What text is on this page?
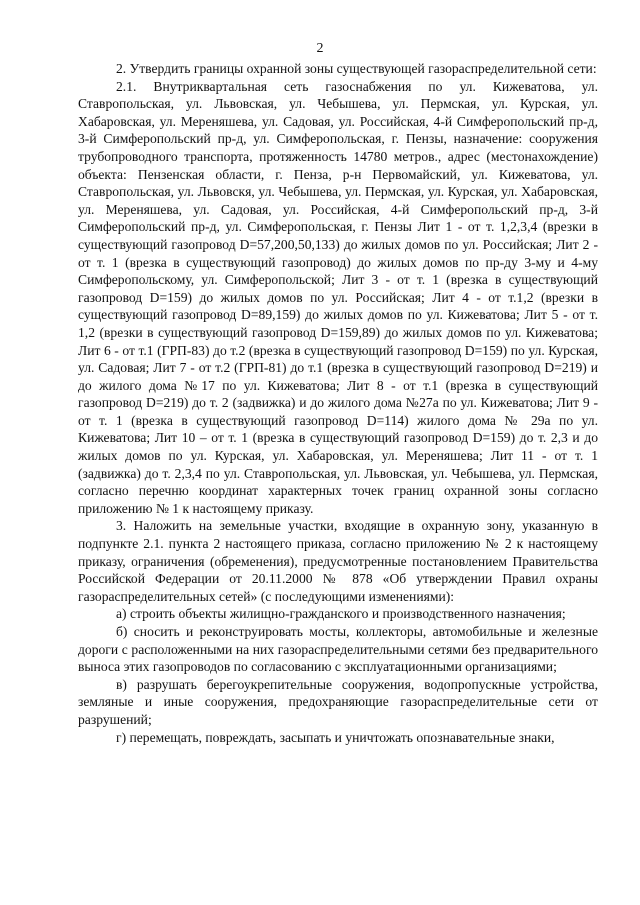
2

2. Утвердить границы охранной зоны существующей газораспределительной сети:

2.1. Внутриквартальная сеть газоснабжения по ул. Кижеватова, ул. Ставропольская, ул. Львовская, ул. Чебышева, ул. Пермская, ул. Курская, ул. Хабаровская, ул. Мереняшева, ул. Садовая, ул. Российская, 4-й Симферопольский пр-д, 3-й Симферопольский пр-д, ул. Симферопольская, г. Пензы, назначение: сооружения трубопроводного транспорта, протяженность 14780 метров., адрес (местонахождение) объекта: Пензенская области, г. Пенза, р-н Первомайский, ул. Кижеватова, ул. Ставропольская, ул. Львовскя, ул. Чебышева, ул. Пермская, ул. Курская, ул. Хабаровская, ул. Мереняшева, ул. Садовая, ул. Российская, 4-й Симферопольский пр-д, 3-й Симферопольский пр-д, ул. Симферопольская, г. Пензы Лит 1 - от т. 1,2,3,4 (врезки в существующий газопровод D=57,200,50,133) до жилых домов по ул. Российская; Лит 2 - от т. 1 (врезка в существующий газопровод) до жилых домов по пр-ду 3-му и 4-му Симферопольскому, ул. Симферопольской; Лит 3 - от т. 1 (врезка в существующий газопровод D=159) до жилых домов по ул. Российская; Лит 4 - от т.1,2 (врезки в существующий газопровод D=89,159) до жилых домов по ул. Кижеватова; Лит 5 - от т. 1,2 (врезки в существующий газопровод D=159,89) до жилых домов по ул. Кижеватова; Лит 6 - от т.1 (ГРП-83) до т.2 (врезка в существующий газопровод D=159) по ул. Курская, ул. Садовая; Лит 7 - от т.2 (ГРП-81) до т.1 (врезка в существующий газопровод D=219) и до жилого дома №17 по ул. Кижеватова; Лит 8 - от т.1 (врезка в существующий газопровод D=219) до т. 2 (задвижка) и до жилого дома №27а по ул. Кижеватова; Лит 9 - от т. 1 (врезка в существующий газопровод D=114) жилого дома № 29а по ул. Кижеватова; Лит 10 – от т. 1 (врезка в существующий газопровод D=159) до т. 2,3 и до жилых домов по ул. Курская, ул. Хабаровская, ул. Мереняшева; Лит 11 - от т. 1 (задвижка) до т. 2,3,4 по ул. Ставропольская, ул. Львовская, ул. Чебышева, ул. Пермская, согласно перечню координат характерных точек границ охранной зоны согласно приложению № 1 к настоящему приказу.

3. Наложить на земельные участки, входящие в охранную зону, указанную в подпункте 2.1. пункта 2 настоящего приказа, согласно приложению № 2 к настоящему приказу, ограничения (обременения), предусмотренные постановлением Правительства Российской Федерации от 20.11.2000 № 878 «Об утверждении Правил охраны газораспределительных сетей» (с последующими изменениями):

а) строить объекты жилищно-гражданского и производственного назначения;

б) сносить и реконструировать мосты, коллекторы, автомобильные и железные дороги с расположенными на них газораспределительными сетями без предварительного выноса этих газопроводов по согласованию с эксплуатационными организациями;

в) разрушать берегоукрепительные сооружения, водопропускные устройства, земляные и иные сооружения, предохраняющие газораспределительные сети от разрушений;

г) перемещать, повреждать, засыпать и уничтожать опознавательные знаки,
